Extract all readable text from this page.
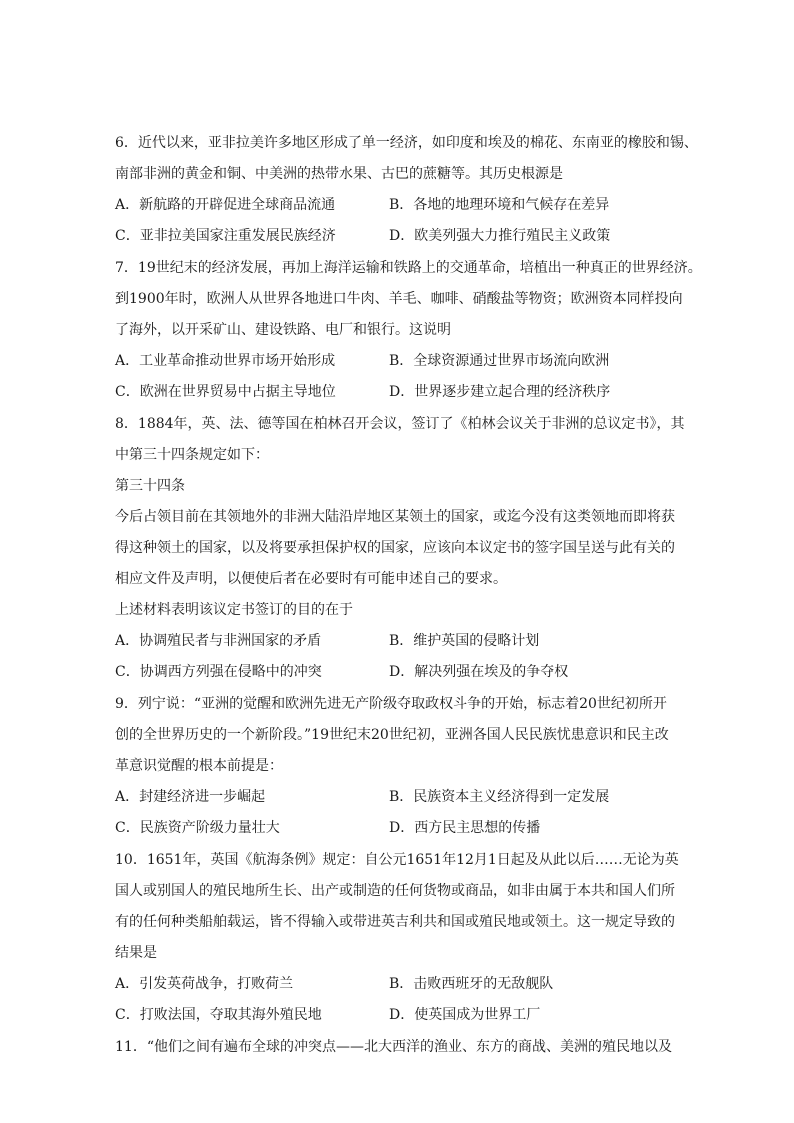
6．近代以来，亚非拉美许多地区形成了单一经济，如印度和埃及的棉花、东南亚的橡胶和锡、
南部非洲的黄金和铜、中美洲的热带水果、古巴的蔗糖等。其历史根源是
A．新航路的开辟促进全球商品流通	B．各地的地理环境和气候存在差异
C．亚非拉美国家注重发展民族经济	D．欧美列强大力推行殖民主义政策
7．19世纪末的经济发展，再加上海洋运输和铁路上的交通革命，培植出一种真正的世界经济。
到1900年时，欧洲人从世界各地进口牛肉、羊毛、咖啡、硝酸盐等物资；欧洲资本同样投向
了海外，以开采矿山、建设铁路、电厂和银行。这说明
A．工业革命推动世界市场开始形成	B．全球资源通过世界市场流向欧洲
C．欧洲在世界贸易中占据主导地位	D．世界逐步建立起合理的经济秩序
8．1884年，英、法、德等国在柏林召开会议，签订了《柏林会议关于非洲的总议定书》，其
中第三十四条规定如下：
第三十四条
今后占领目前在其领地外的非洲大陆沿岸地区某领土的国家，或迄今没有这类领地而即将获
得这种领土的国家，以及将要承担保护权的国家，应该向本议定书的签字国呈送与此有关的
相应文件及声明，以便使后者在必要时有可能申述自己的要求。
上述材料表明该议定书签订的目的在于
A．协调殖民者与非洲国家的矛盾	B．维护英国的侵略计划
C．协调西方列强在侵略中的冲突	D．解决列强在埃及的争夺权
9．列宁说：“亚洲的觉醒和欧洲先进无产阶级夺取政权斗争的开始，标志着20世纪初所开
创的全世界历史的一个新阶段。”19世纪末20世纪初，亚洲各国人民民族忧患意识和民主改
革意识觉醒的根本前提是：
A．封建经济进一步崛起	B．民族资本主义经济得到一定发展
C．民族资产阶级力量壮大	D．西方民主思想的传播
10．1651年，英国《航海条例》规定：自公元1651年12月1日起及从此以后……无论为英
国人或别国人的殖民地所生长、出产或制造的任何货物或商品，如非由属于本共和国人们所
有的任何种类船舶载运，皆不得输入或带进英吉利共和国或殖民地或领土。这一规定导致的
结果是
A．引发英荷战争，打败荷兰	B．击败西班牙的无敌舰队
C．打败法国，夺取其海外殖民地	D．使英国成为世界工厂
11．“他们之间有遍布全球的冲突点——北大西洋的渔业、东方的商战、美洲的殖民地以及
